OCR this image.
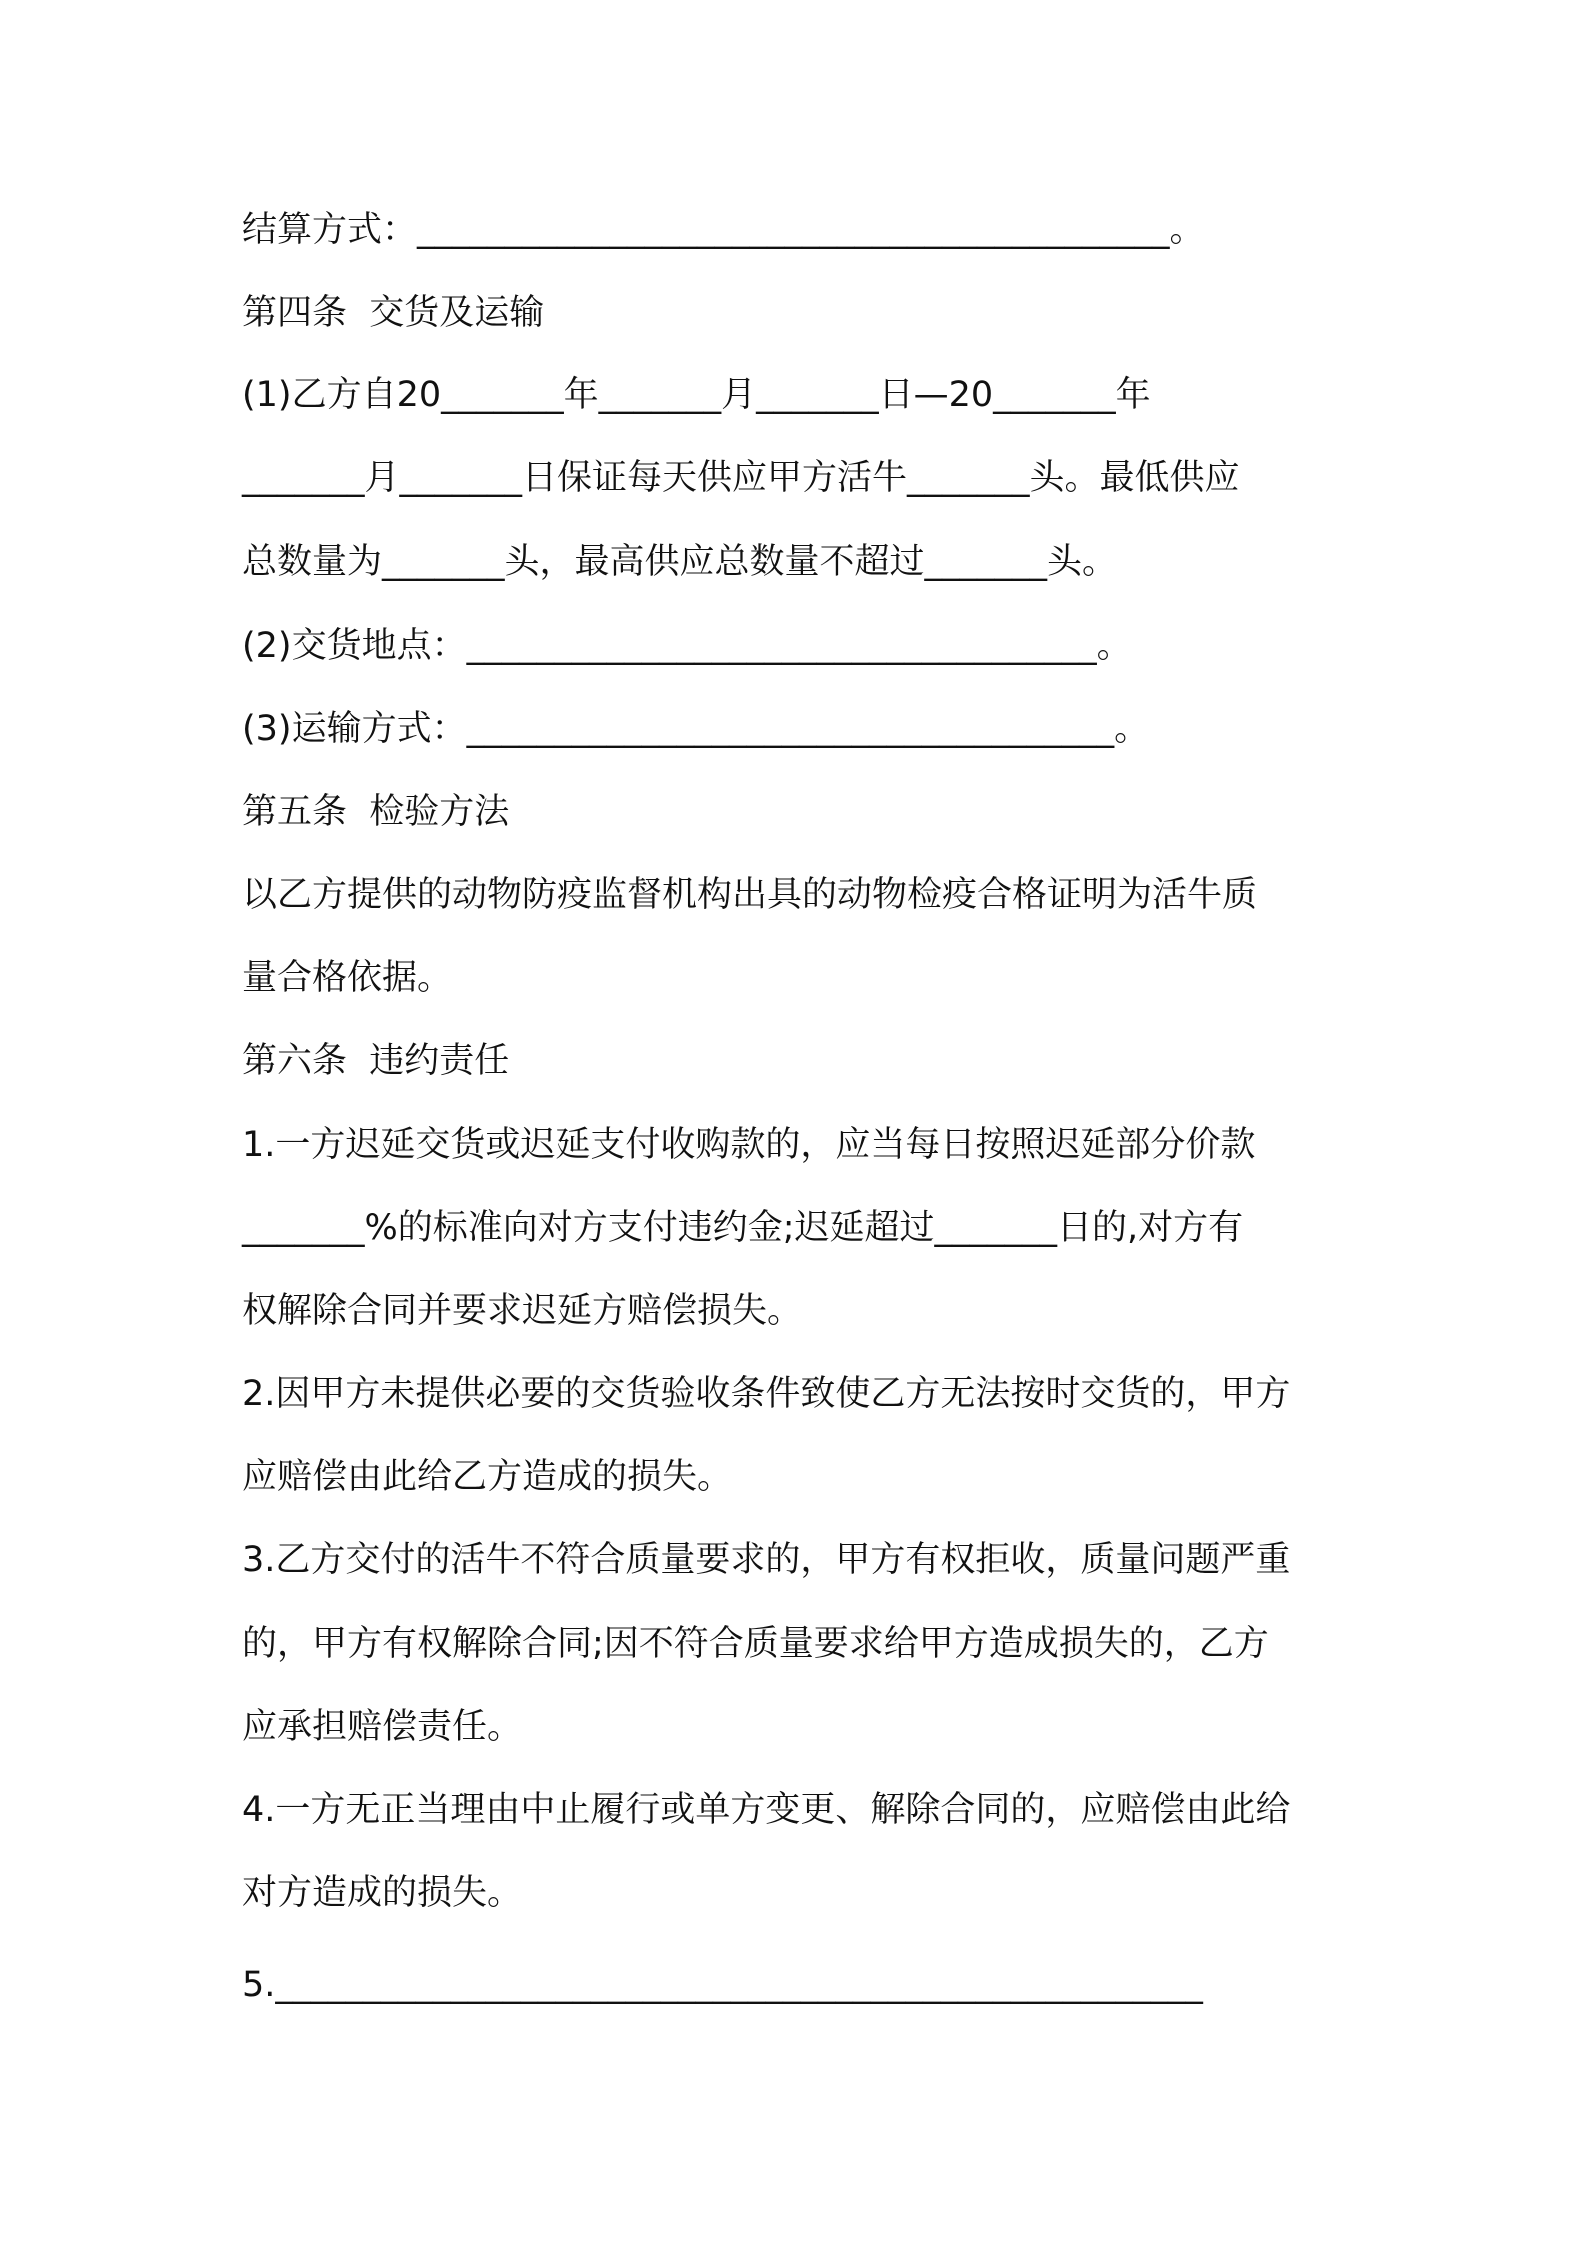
结算方式：___________________________________________。

第四条  交货及运输

(1)乙方自20_______年_______月_______日—20_______年

_______月_______日保证每天供应甲方活牛_______头。最低供应

总数量为_______头，最高供应总数量不超过_______头。

(2)交货地点：____________________________________。

(3)运输方式：_____________________________________。

第五条  检验方法

以乙方提供的动物防疫监督机构出具的动物检疫合格证明为活牛质

量合格依据。

第六条  违约责任

1.一方迟延交货或迟延支付收购款的，应当每日按照迟延部分价款

_______%的标准向对方支付违约金;迟延超过_______日的,对方有

权解除合同并要求迟延方赔偿损失。

2.因甲方未提供必要的交货验收条件致使乙方无法按时交货的，甲方

应赔偿由此给乙方造成的损失。

3.乙方交付的活牛不符合质量要求的，甲方有权拒收，质量问题严重

的，甲方有权解除合同;因不符合质量要求给甲方造成损失的，乙方

应承担赔偿责任。

4.一方无正当理由中止履行或单方变更、解除合同的，应赔偿由此给

对方造成的损失。

5._____________________________________________________
